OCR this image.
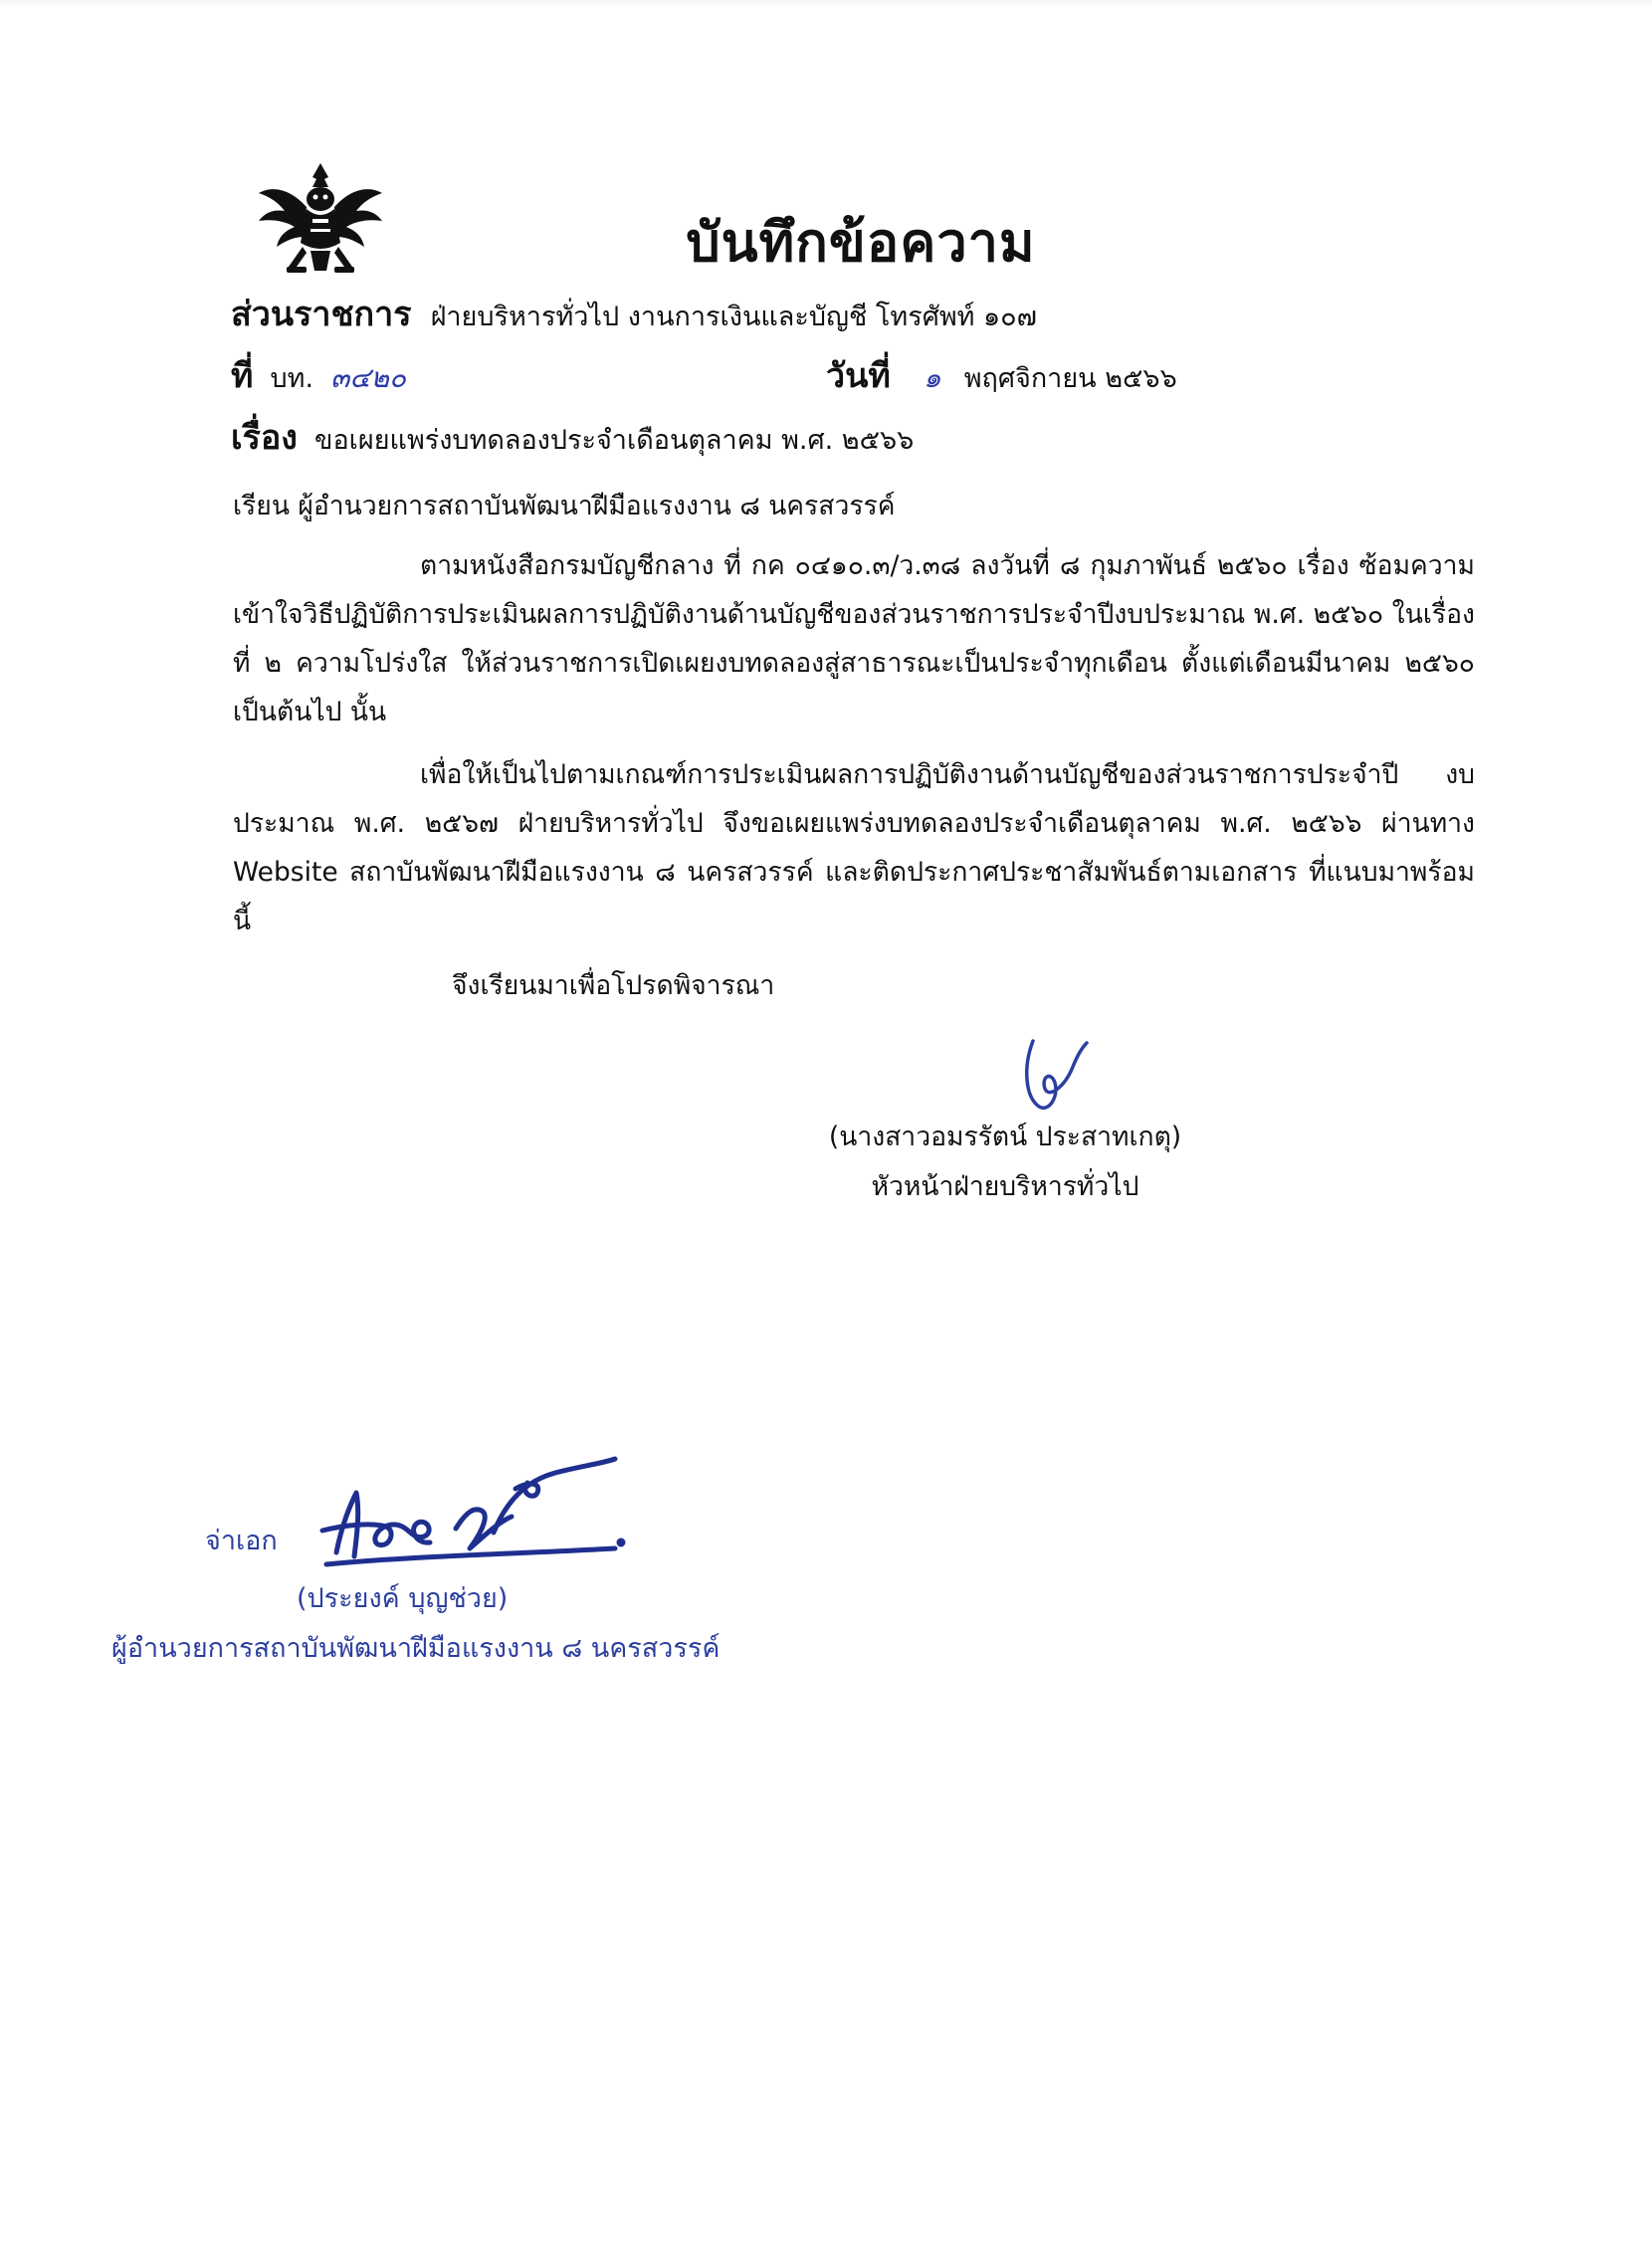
บันทึกข้อความ
ส่วนราชการ ฝ่ายบริหารทั่วไป งานการเงินและบัญชี โทรศัพท์ ๑๐๗
ที่ บท. ๓๔๒๐	วันที่ ๑ พฤศจิกายน ๒๕๖๖
เรื่อง ขอเผยแพร่งบทดลองประจำเดือนตุลาคม พ.ศ. ๒๕๖๖
เรียน ผู้อำนวยการสถาบันพัฒนาฝีมือแรงงาน ๘ นครสวรรค์
ตามหนังสือกรมบัญชีกลาง ที่ กค ๐๔๑๐.๓/ว.๓๘ ลงวันที่ ๘ กุมภาพันธ์ ๒๕๖๐ เรื่อง ซ้อมความเข้าใจวิธีปฏิบัติการประเมินผลการปฏิบัติงานด้านบัญชีของส่วนราชการประจำปีงบประมาณ พ.ศ. ๒๕๖๐ ในเรื่องที่ ๒ ความโปร่งใส ให้ส่วนราชการเปิดเผยงบทดลองสู่สาธารณะเป็นประจำทุกเดือน ตั้งแต่เดือนมีนาคม ๒๕๖๐ เป็นต้นไป นั้น
เพื่อให้เป็นไปตามเกณฑ์การประเมินผลการปฏิบัติงานด้านบัญชีของส่วนราชการประจำปี งบประมาณ พ.ศ. ๒๕๖๗ ฝ่ายบริหารทั่วไป จึงขอเผยแพร่งบทดลองประจำเดือนตุลาคม พ.ศ. ๒๕๖๖ ผ่านทาง Website สถาบันพัฒนาฝีมือแรงงาน ๘ นครสวรรค์ และติดประกาศประชาสัมพันธ์ตามเอกสาร ที่แนบมาพร้อมนี้
จึงเรียนมาเพื่อโปรดพิจารณา
(นางสาวอมรรัตน์ ประสาทเกตุ)
หัวหน้าฝ่ายบริหารทั่วไป
จ่าเอก
(ประยงค์ บุญช่วย)
ผู้อำนวยการสถาบันพัฒนาฝีมือแรงงาน ๘ นครสวรรค์
